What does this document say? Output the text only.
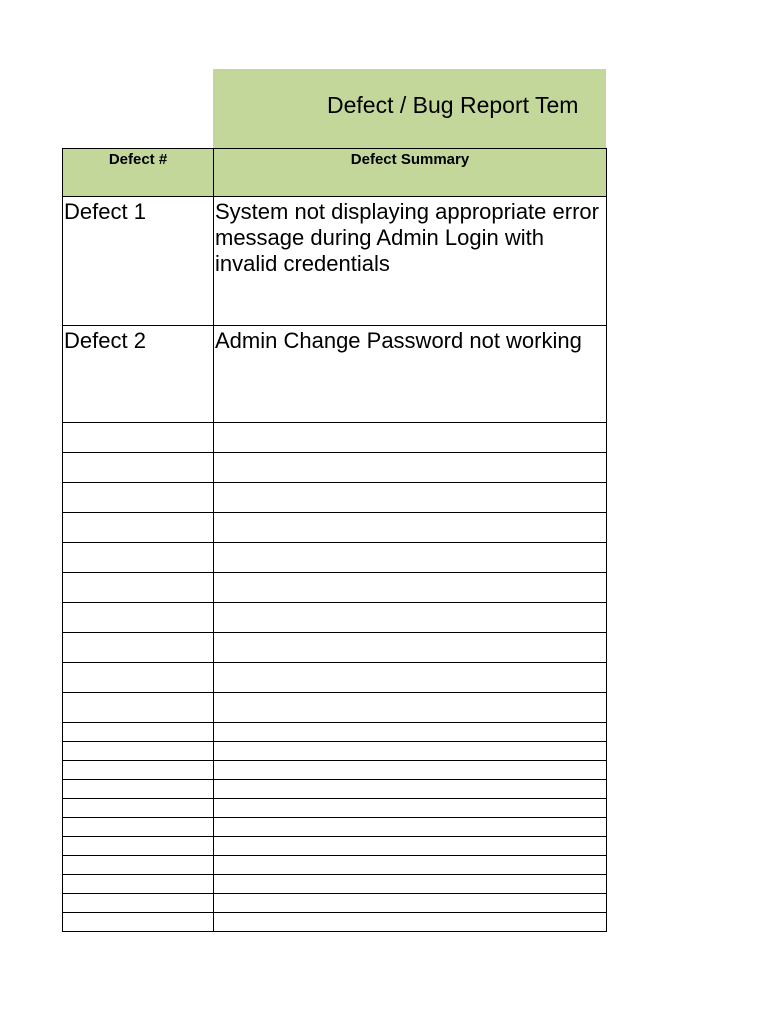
Defect / Bug Report Tem
Defect #	Defect Summary
Defect 1	System not displaying appropriate error message during Admin Login with invalid credentials
Defect 2	Admin Change Password not working
